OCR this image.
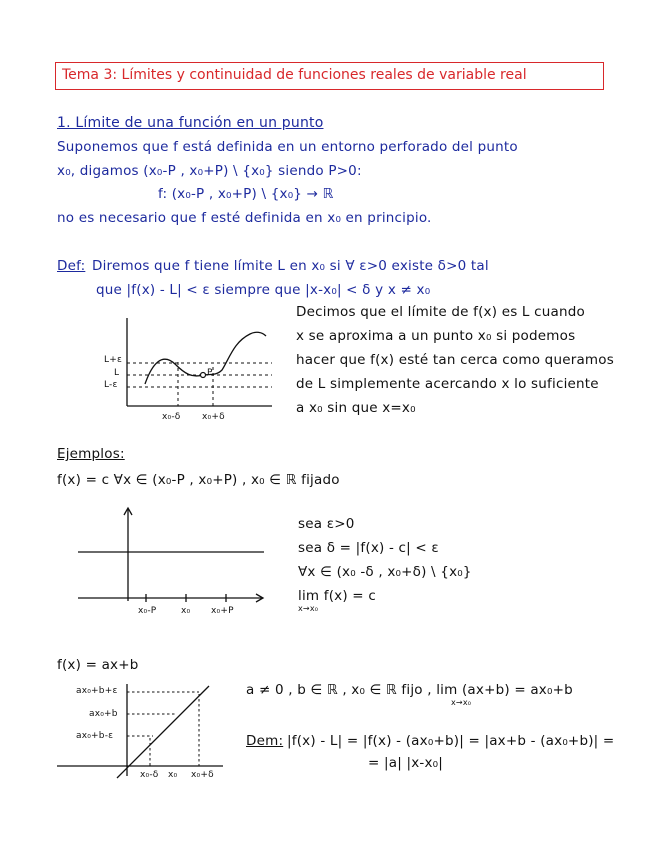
Tema 3: Límites y continuidad de funciones reales de variable real
1. Límite de una función en un punto
Suponemos que f está definida en un entorno perforado del punto
x₀, digamos (x₀-P , x₀+P) \ {x₀} siendo P>0:
f: (x₀-P , x₀+P) \ {x₀} → ℝ
no es necesario que f esté definida en x₀ en principio.
Def: Diremos que f tiene límite L en x₀ si ∀ ε>0 existe δ>0 tal
que |f(x) - L| < ε siempre que |x-x₀| < δ y x ≠ x₀
L+ε
L
L-ε
x₀-δ x₀+δ
P
Decimos que el límite de f(x) es L cuando
x se aproxima a un punto x₀ si podemos
hacer que f(x) esté tan cerca como queramos
de L simplemente acercando x lo suficiente
a x₀ sin que x=x₀
Ejemplos:
f(x) = c ∀x ∈ (x₀-P , x₀+P) , x₀ ∈ ℝ fijado
x₀-P	x₀ x₀+P
sea ε>0
sea δ = |f(x) - c| < ε
∀x ∈ (x₀ -δ , x₀+δ) \ {x₀}
lim f(x) = c
x→x₀
f(x) = ax+b
ax₀+b+ε
ax₀+b
ax₀+b-ε
x₀-δ x₀ x₀+δ
a ≠ 0 , b ∈ ℝ , x₀ ∈ ℝ fijo , lim (ax+b) = ax₀+b
x→x₀
Dem: |f(x) - L| = |f(x) - (ax₀+b)| = |ax+b - (ax₀+b)| =
= |a| |x-x₀|
